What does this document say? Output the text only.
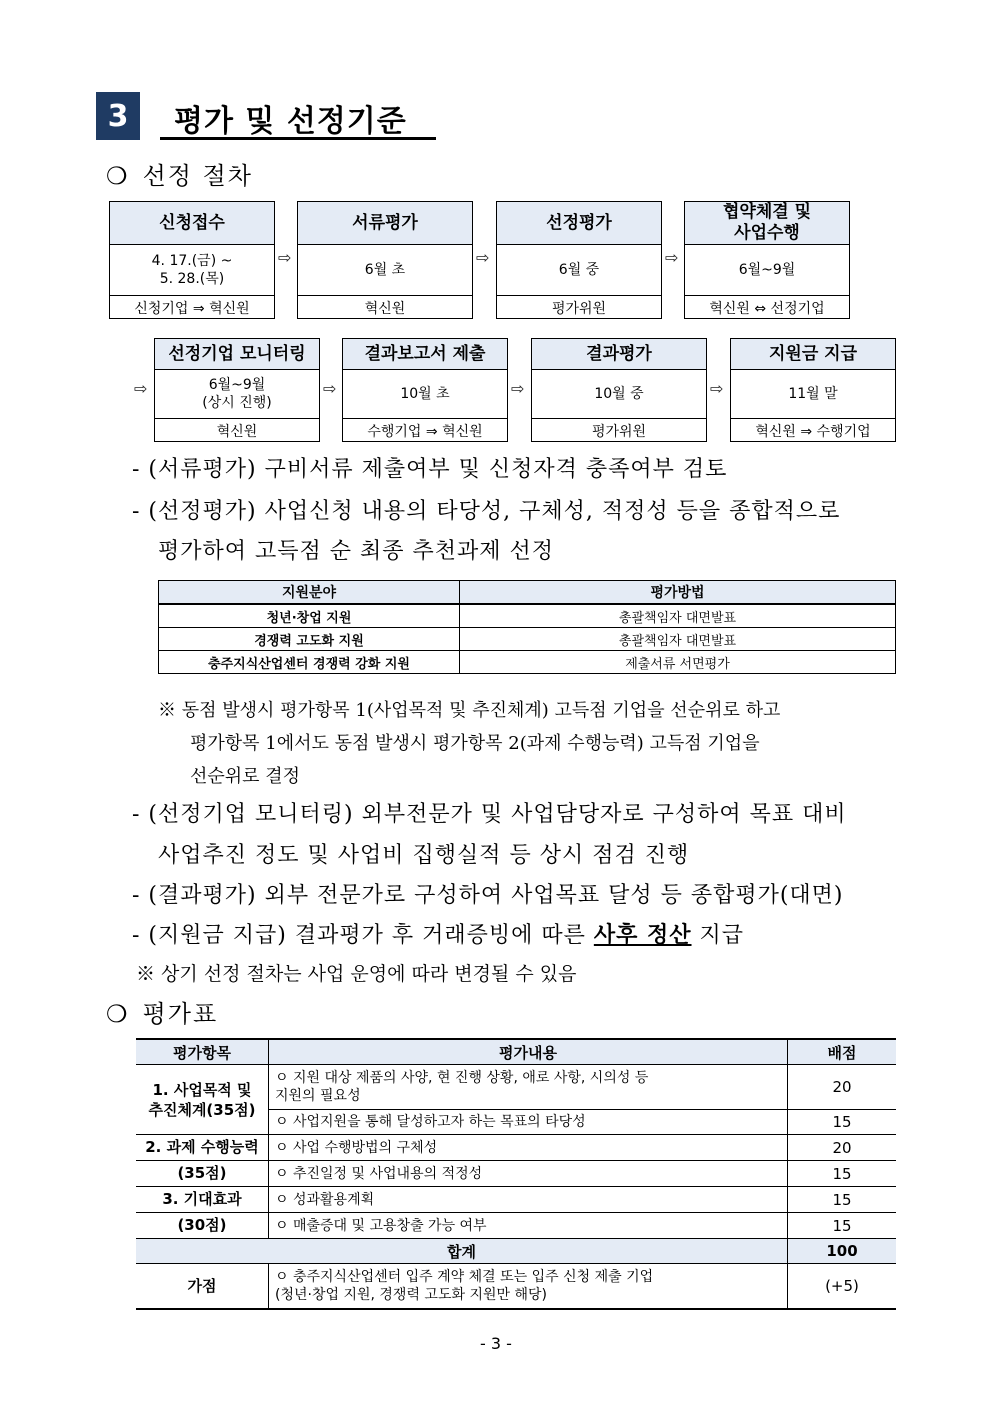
3	평가 및 선정기준
❍ 선정 절차
신청접수
4. 17.(금) ~
5. 28.(목)
신청기업 ⇒ 혁신원
⇨
서류평가
6월 초
혁신원
⇨
선정평가
6월 중
평가위원
⇨
협약체결 및
사업수행
6월~9월
혁신원 ⇔ 선정기업
⇨
선정기업 모니터링
6월~9월
(상시 진행)
혁신원
⇨
결과보고서 제출
10월 초
수행기업 ⇒ 혁신원
⇨
결과평가
10월 중
평가위원
⇨
지원금 지급
11월 말
혁신원 ⇒ 수행기업
- (서류평가) 구비서류 제출여부 및 신청자격 충족여부 검토
- (선정평가) 사업신청 내용의 타당성, 구체성, 적정성 등을 종합적으로
평가하여 고득점 순 최종 추천과제 선정
지원분야	평가방법
청년·창업 지원	총괄책임자 대면발표
경쟁력 고도화 지원	총괄책임자 대면발표
충주지식산업센터 경쟁력 강화 지원	제출서류 서면평가
※ 동점 발생시 평가항목 1(사업목적 및 추진체계) 고득점 기업을 선순위로 하고
평가항목 1에서도 동점 발생시 평가항목 2(과제 수행능력) 고득점 기업을
선순위로 결정
- (선정기업 모니터링) 외부전문가 및 사업담당자로 구성하여 목표 대비
사업추진 정도 및 사업비 집행실적 등 상시 점검 진행
- (결과평가) 외부 전문가로 구성하여 사업목표 달성 등 종합평가(대면)
- (지원금 지급) 결과평가 후 거래증빙에 따른 사후 정산 지급
※ 상기 선정 절차는 사업 운영에 따라 변경될 수 있음
❍ 평가표
평가항목	평가내용	배점
1. 사업목적 및
추진체계(35점)	ㅇ 지원 대상 제품의 사양, 현 진행 상황, 애로 사항, 시의성 등
지원의 필요성	20
	ㅇ 사업지원을 통해 달성하고자 하는 목표의 타당성	15
2. 과제 수행능력	ㅇ 사업 수행방법의 구체성	20
(35점)	ㅇ 추진일정 및 사업내용의 적정성	15
3. 기대효과	ㅇ 성과활용계획	15
(30점)	ㅇ 매출증대 및 고용창출 가능 여부	15
합계		100
가점	ㅇ 충주지식산업센터 입주 계약 체결 또는 입주 신청 제출 기업
(청년·창업 지원, 경쟁력 고도화 지원만 해당)	(+5)
- 3 -
